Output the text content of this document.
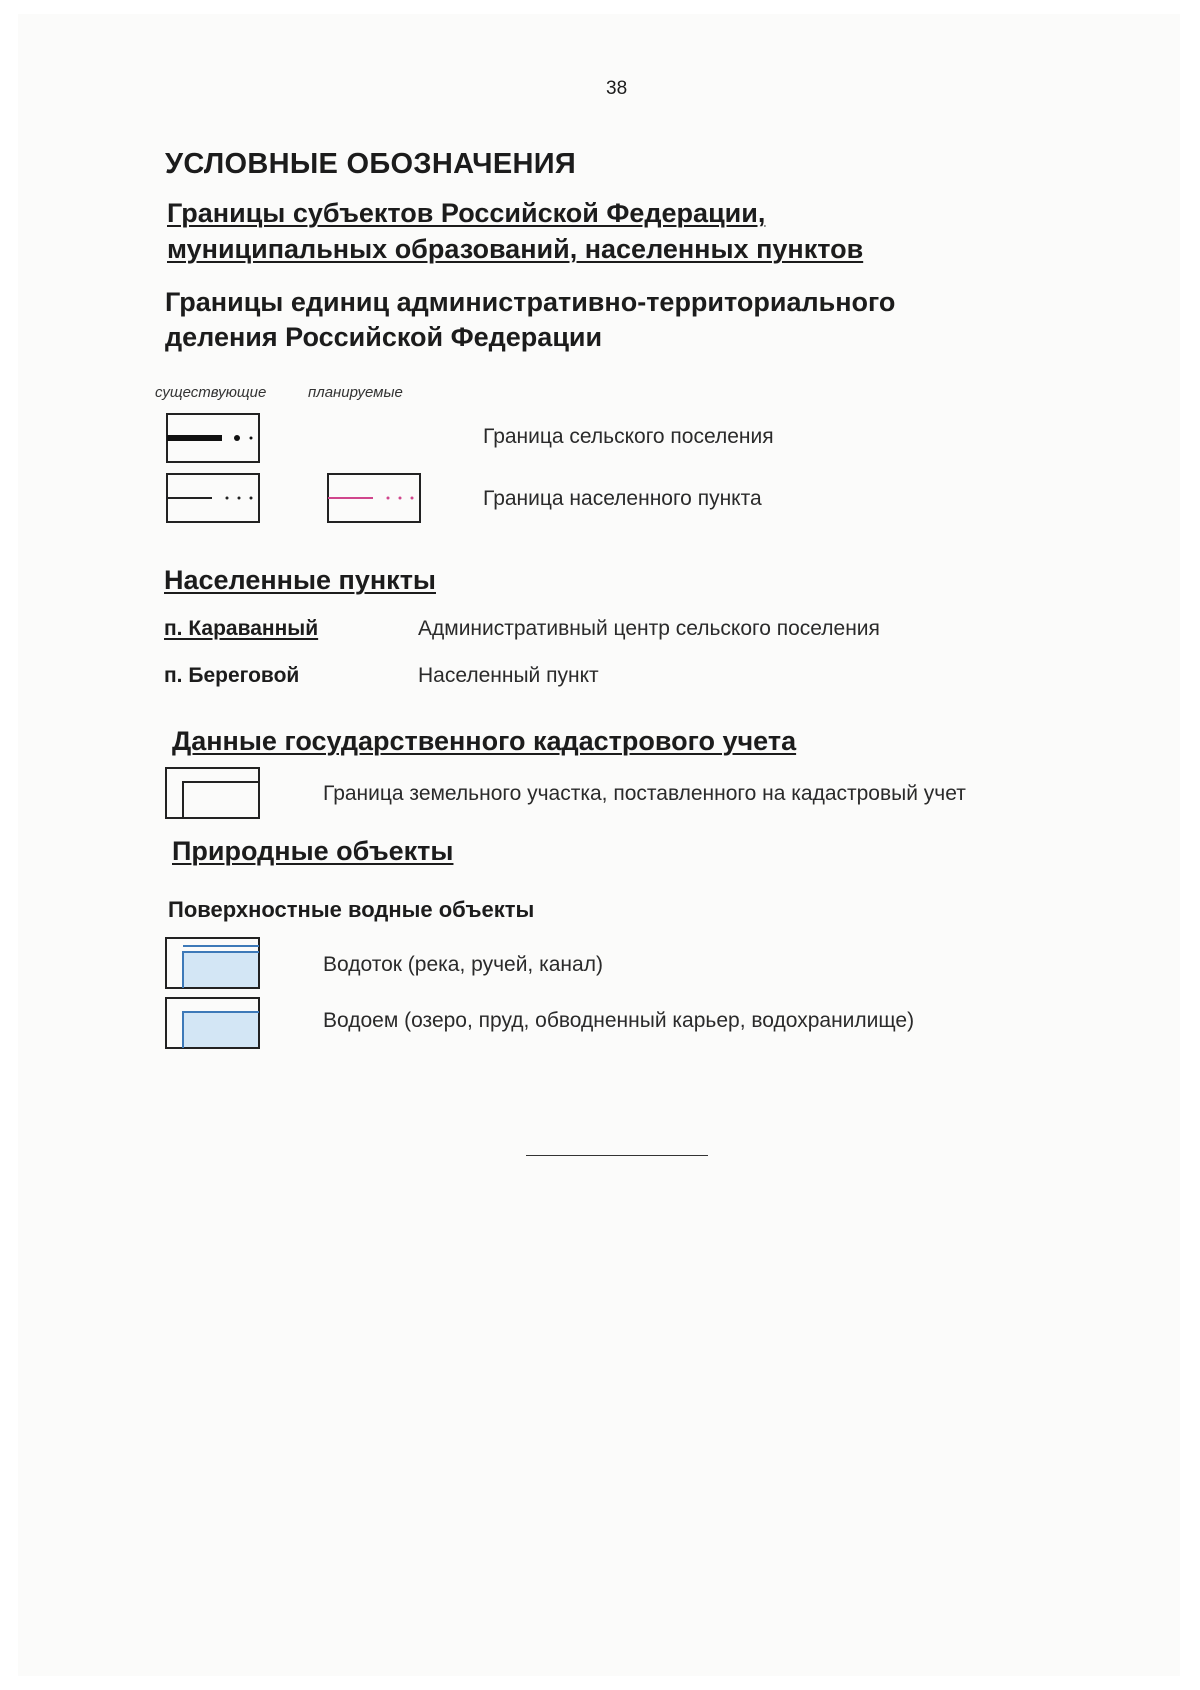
38
УСЛОВНЫЕ ОБОЗНАЧЕНИЯ
Границы субъектов Российской Федерации,
муниципальных образований, населенных пунктов
Границы единиц административно-территориального
деления Российской Федерации
существующие	планируемые
Граница сельского поселения
Граница населенного пункта
Населенные пункты
п. Караванный	Административный центр сельского поселения
п. Береговой	Населенный пункт
Данные государственного кадастрового учета
Граница земельного участка, поставленного на кадастровый учет
Природные объекты
Поверхностные водные объекты
Водоток (река, ручей, канал)
Водоем (озеро, пруд, обводненный карьер, водохранилище)
